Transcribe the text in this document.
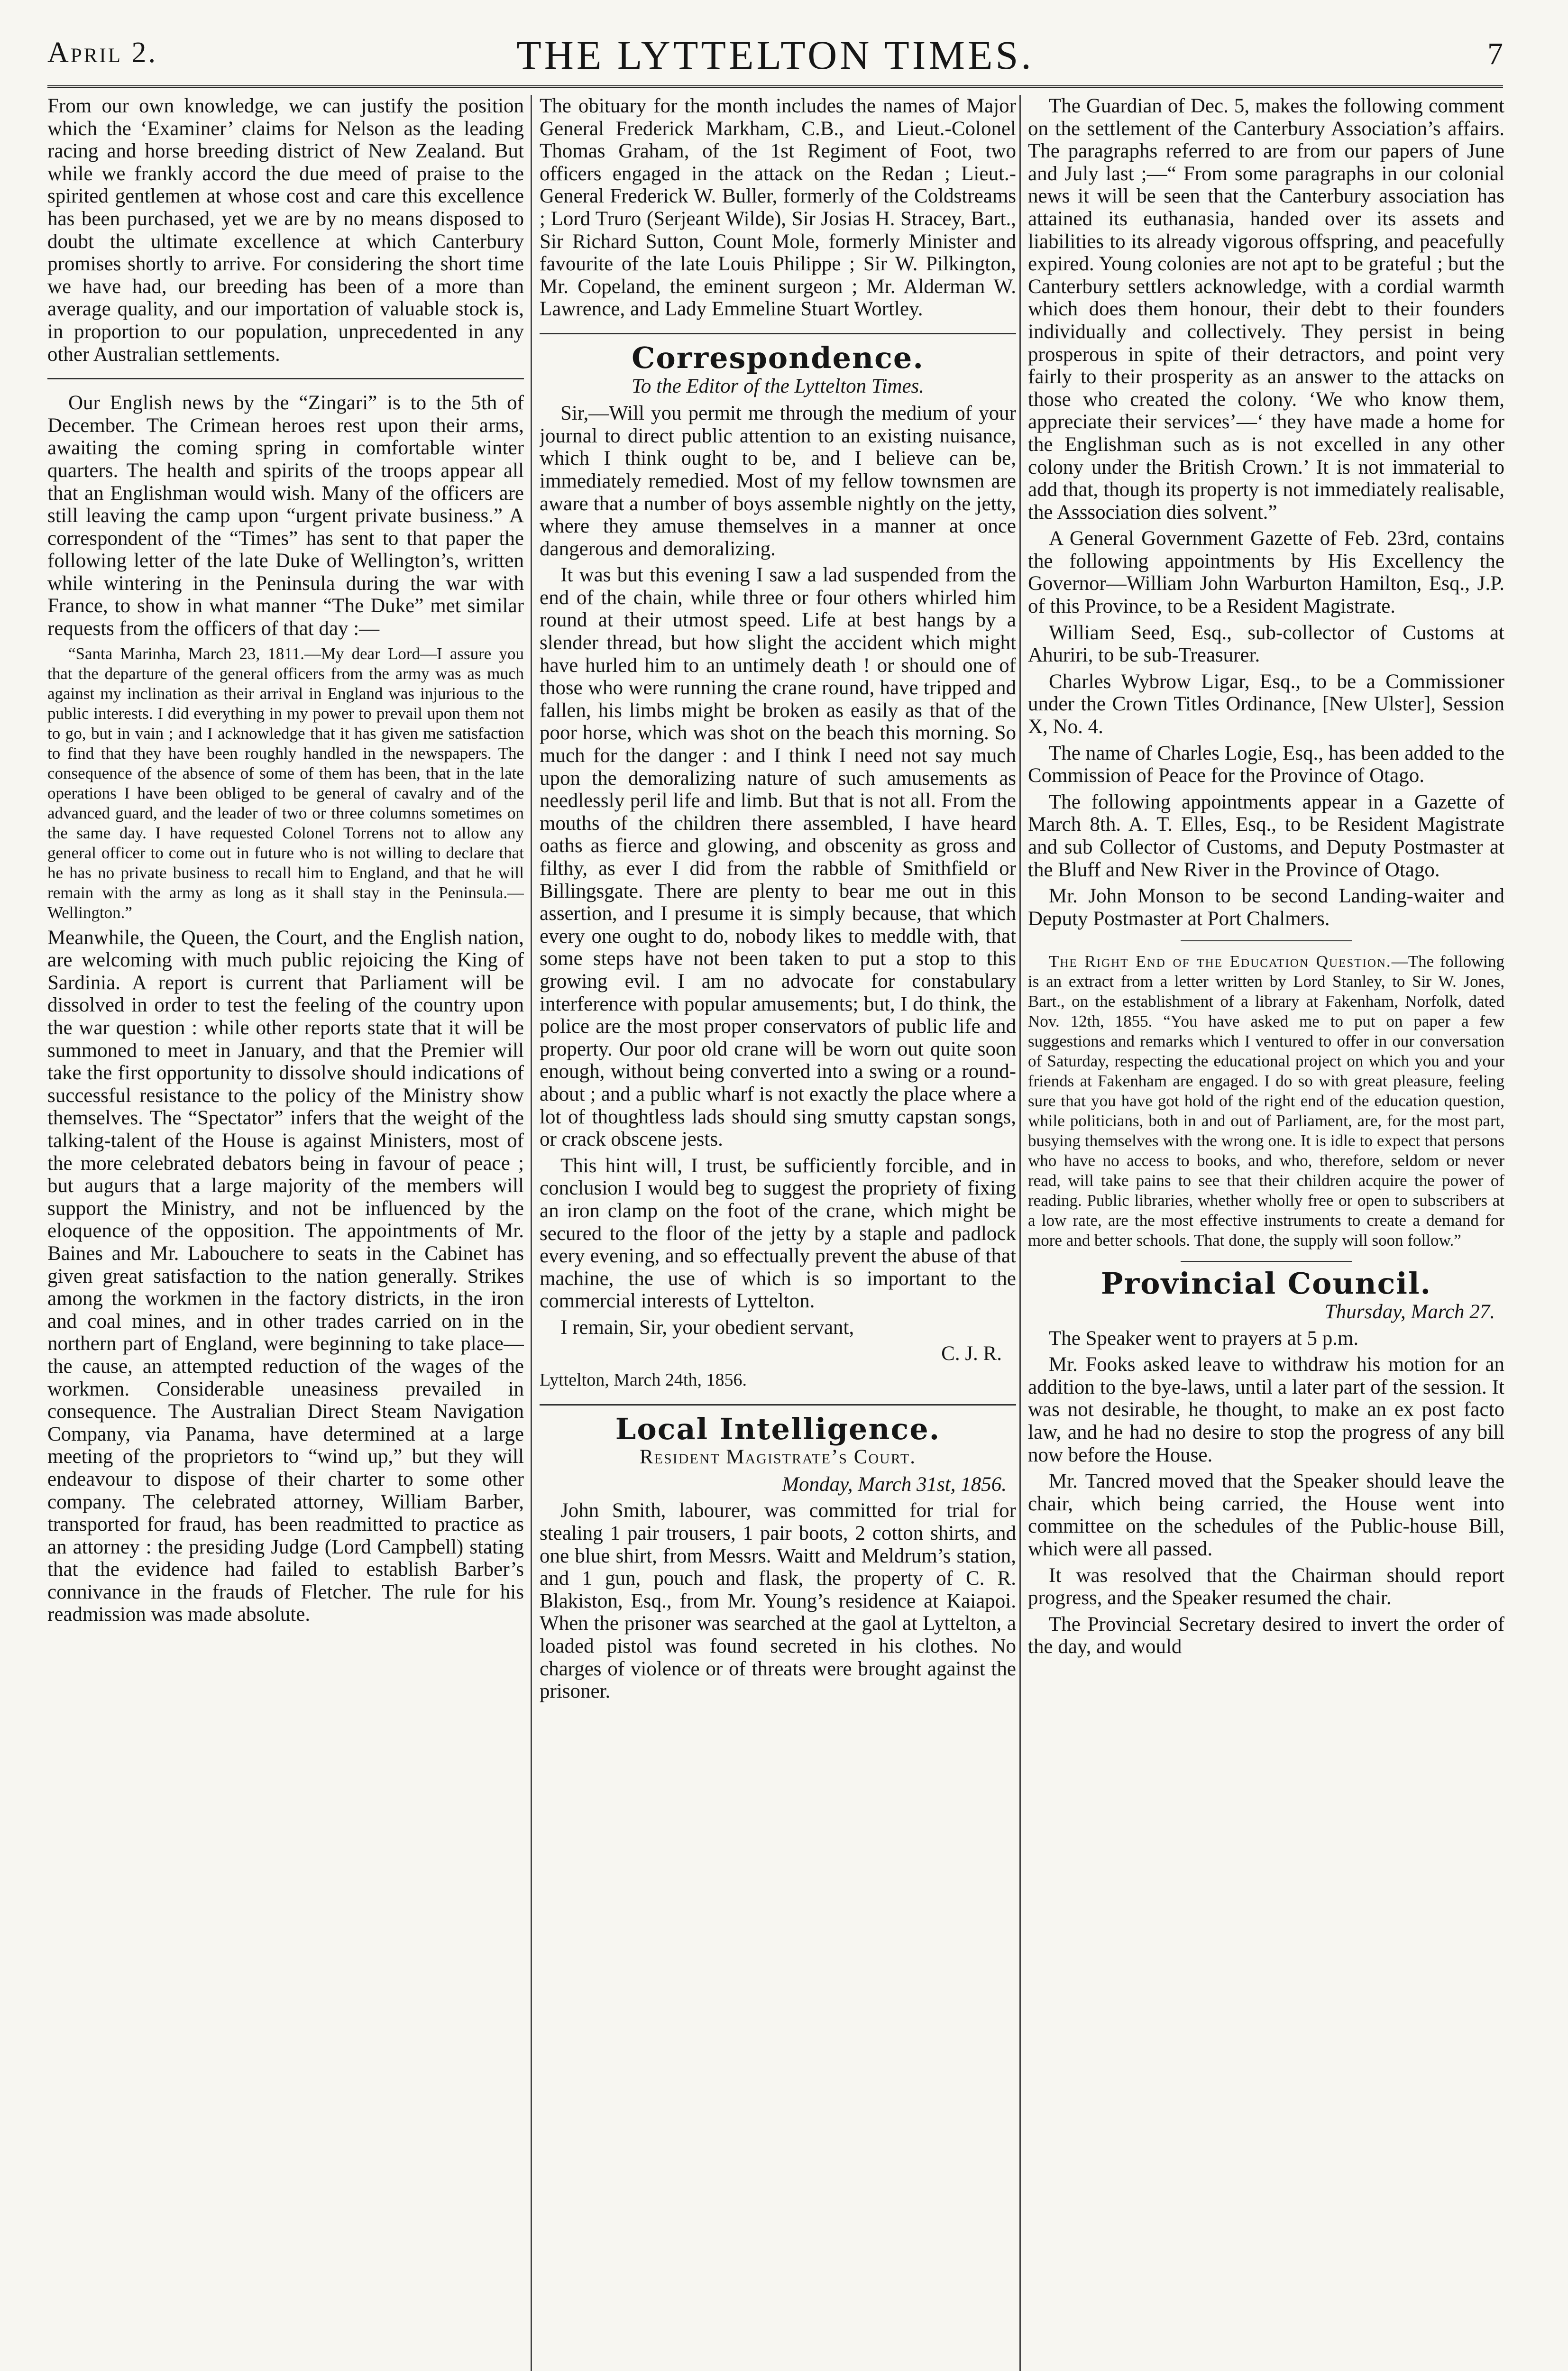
April 2.	THE LYTTELTON TIMES.	7

From our own knowledge, we can justify the position which the ‘Examiner’ claims for Nelson as the leading racing and horse breeding district of New Zealand. But while we frankly accord the due meed of praise to the spirited gentlemen at whose cost and care this excellence has been purchased, yet we are by no means disposed to doubt the ultimate excellence at which Canterbury promises shortly to arrive. For considering the short time we have had, our breeding has been of a more than average quality, and our importation of valuable stock is, in proportion to our population, unprecedented in any other Australian settlements.

Our English news by the “Zingari” is to the 5th of December. The Crimean heroes rest upon their arms, awaiting the coming spring in comfortable winter quarters. The health and spirits of the troops appear all that an Englishman would wish. Many of the officers are still leaving the camp upon “urgent private business.” A correspondent of the “Times” has sent to that paper the following letter of the late Duke of Wellington’s, written while wintering in the Peninsula during the war with France, to show in what manner “The Duke” met similar requests from the officers of that day :—

“Santa Marinha, March 23, 1811.—My dear Lord—I assure you that the departure of the general officers from the army was as much against my inclination as their arrival in England was injurious to the public interests. I did everything in my power to prevail upon them not to go, but in vain ; and I acknowledge that it has given me satisfaction to find that they have been roughly handled in the newspapers. The consequence of the absence of some of them has been, that in the late operations I have been obliged to be general of cavalry and of the advanced guard, and the leader of two or three columns sometimes on the same day. I have requested Colonel Torrens not to allow any general officer to come out in future who is not willing to declare that he has no private business to recall him to England, and that he will remain with the army as long as it shall stay in the Peninsula.—Wellington.”

Meanwhile, the Queen, the Court, and the English nation, are welcoming with much public rejoicing the King of Sardinia. A report is current that Parliament will be dissolved in order to test the feeling of the country upon the war question : while other reports state that it will be summoned to meet in January, and that the Premier will take the first opportunity to dissolve should indications of successful resistance to the policy of the Ministry show themselves. The “Spectator” infers that the weight of the talking-talent of the House is against Ministers, most of the more celebrated debators being in favour of peace ; but augurs that a large majority of the members will support the Ministry, and not be influenced by the eloquence of the opposition. The appointments of Mr. Baines and Mr. Labouchere to seats in the Cabinet has given great satisfaction to the nation generally. Strikes among the workmen in the factory districts, in the iron and coal mines, and in other trades carried on in the northern part of England, were beginning to take place—the cause, an attempted reduction of the wages of the workmen. Considerable uneasiness prevailed in consequence. The Australian Direct Steam Navigation Company, via Panama, have determined at a large meeting of the proprietors to “wind up,” but they will endeavour to dispose of their charter to some other company. The celebrated attorney, William Barber, transported for fraud, has been readmitted to practice as an attorney : the presiding Judge (Lord Campbell) stating that the evidence had failed to establish Barber’s connivance in the frauds of Fletcher. The rule for his readmission was made absolute.

The obituary for the month includes the names of Major General Frederick Markham, C.B., and Lieut.-Colonel Thomas Graham, of the 1st Regiment of Foot, two officers engaged in the attack on the Redan ; Lieut.-General Frederick W. Buller, formerly of the Coldstreams ; Lord Truro (Serjeant Wilde), Sir Josias H. Stracey, Bart., Sir Richard Sutton, Count Mole, formerly Minister and favourite of the late Louis Philippe ; Sir W. Pilkington, Mr. Copeland, the eminent surgeon ; Mr. Alderman W. Lawrence, and Lady Emmeline Stuart Wortley.

Correspondence.

To the Editor of the Lyttelton Times.

Sir,—Will you permit me through the medium of your journal to direct public attention to an existing nuisance, which I think ought to be, and I believe can be, immediately remedied. Most of my fellow townsmen are aware that a number of boys assemble nightly on the jetty, where they amuse themselves in a manner at once dangerous and demoralizing.

It was but this evening I saw a lad suspended from the end of the chain, while three or four others whirled him round at their utmost speed. Life at best hangs by a slender thread, but how slight the accident which might have hurled him to an untimely death ! or should one of those who were running the crane round, have tripped and fallen, his limbs might be broken as easily as that of the poor horse, which was shot on the beach this morning. So much for the danger : and I think I need not say much upon the demoralizing nature of such amusements as needlessly peril life and limb. But that is not all. From the mouths of the children there assembled, I have heard oaths as fierce and glowing, and obscenity as gross and filthy, as ever I did from the rabble of Smithfield or Billingsgate. There are plenty to bear me out in this assertion, and I presume it is simply because, that which every one ought to do, nobody likes to meddle with, that some steps have not been taken to put a stop to this growing evil. I am no advocate for constabulary interference with popular amusements; but, I do think, the police are the most proper conservators of public life and property. Our poor old crane will be worn out quite soon enough, without being converted into a swing or a round-about ; and a public wharf is not exactly the place where a lot of thoughtless lads should sing smutty capstan songs, or crack obscene jests.

This hint will, I trust, be sufficiently forcible, and in conclusion I would beg to suggest the propriety of fixing an iron clamp on the foot of the crane, which might be secured to the floor of the jetty by a staple and padlock every evening, and so effectually prevent the abuse of that machine, the use of which is so important to the commercial interests of Lyttelton.

I remain, Sir, your obedient servant,

C. J. R.

Lyttelton, March 24th, 1856.

Local Intelligence.

Resident Magistrate’s Court.

Monday, March 31st, 1856.

John Smith, labourer, was committed for trial for stealing 1 pair trousers, 1 pair boots, 2 cotton shirts, and one blue shirt, from Messrs. Waitt and Meldrum’s station, and 1 gun, pouch and flask, the property of C. R. Blakiston, Esq., from Mr. Young’s residence at Kaiapoi. When the prisoner was searched at the gaol at Lyttelton, a loaded pistol was found secreted in his clothes. No charges of violence or of threats were brought against the prisoner.

The Guardian of Dec. 5, makes the following comment on the settlement of the Canterbury Association’s affairs. The paragraphs referred to are from our papers of June and July last ;—“ From some paragraphs in our colonial news it will be seen that the Canterbury association has attained its euthanasia, handed over its assets and liabilities to its already vigorous offspring, and peacefully expired. Young colonies are not apt to be grateful ; but the Canterbury settlers acknowledge, with a cordial warmth which does them honour, their debt to their founders individually and collectively. They persist in being prosperous in spite of their detractors, and point very fairly to their prosperity as an answer to the attacks on those who created the colony. ‘We who know them, appreciate their services’—‘ they have made a home for the Englishman such as is not excelled in any other colony under the British Crown.’ It is not immaterial to add that, though its property is not immediately realisable, the Asssociation dies solvent.”

A General Government Gazette of Feb. 23rd, contains the following appointments by His Excellency the Governor—William John Warburton Hamilton, Esq., J.P. of this Province, to be a Resident Magistrate.

William Seed, Esq., sub-collector of Customs at Ahuriri, to be sub-Treasurer.

Charles Wybrow Ligar, Esq., to be a Commissioner under the Crown Titles Ordinance, [New Ulster], Session X, No. 4.

The name of Charles Logie, Esq., has been added to the Commission of Peace for the Province of Otago.

The following appointments appear in a Gazette of March 8th. A. T. Elles, Esq., to be Resident Magistrate and sub Collector of Customs, and Deputy Postmaster at the Bluff and New River in the Province of Otago.

Mr. John Monson to be second Landing-waiter and Deputy Postmaster at Port Chalmers.

The Right End of the Education Question.—The following is an extract from a letter written by Lord Stanley, to Sir W. Jones, Bart., on the establishment of a library at Fakenham, Norfolk, dated Nov. 12th, 1855. “You have asked me to put on paper a few suggestions and remarks which I ventured to offer in our conversation of Saturday, respecting the educational project on which you and your friends at Fakenham are engaged. I do so with great pleasure, feeling sure that you have got hold of the right end of the education question, while politicians, both in and out of Parliament, are, for the most part, busying themselves with the wrong one. It is idle to expect that persons who have no access to books, and who, therefore, seldom or never read, will take pains to see that their children acquire the power of reading. Public libraries, whether wholly free or open to subscribers at a low rate, are the most effective instruments to create a demand for more and better schools. That done, the supply will soon follow.”

Provincial Council.

Thursday, March 27.

The Speaker went to prayers at 5 p.m.

Mr. Fooks asked leave to withdraw his motion for an addition to the bye-laws, until a later part of the session. It was not desirable, he thought, to make an ex post facto law, and he had no desire to stop the progress of any bill now before the House.

Mr. Tancred moved that the Speaker should leave the chair, which being carried, the House went into committee on the schedules of the Public-house Bill, which were all passed.

It was resolved that the Chairman should report progress, and the Speaker resumed the chair.

The Provincial Secretary desired to invert the order of the day, and would
